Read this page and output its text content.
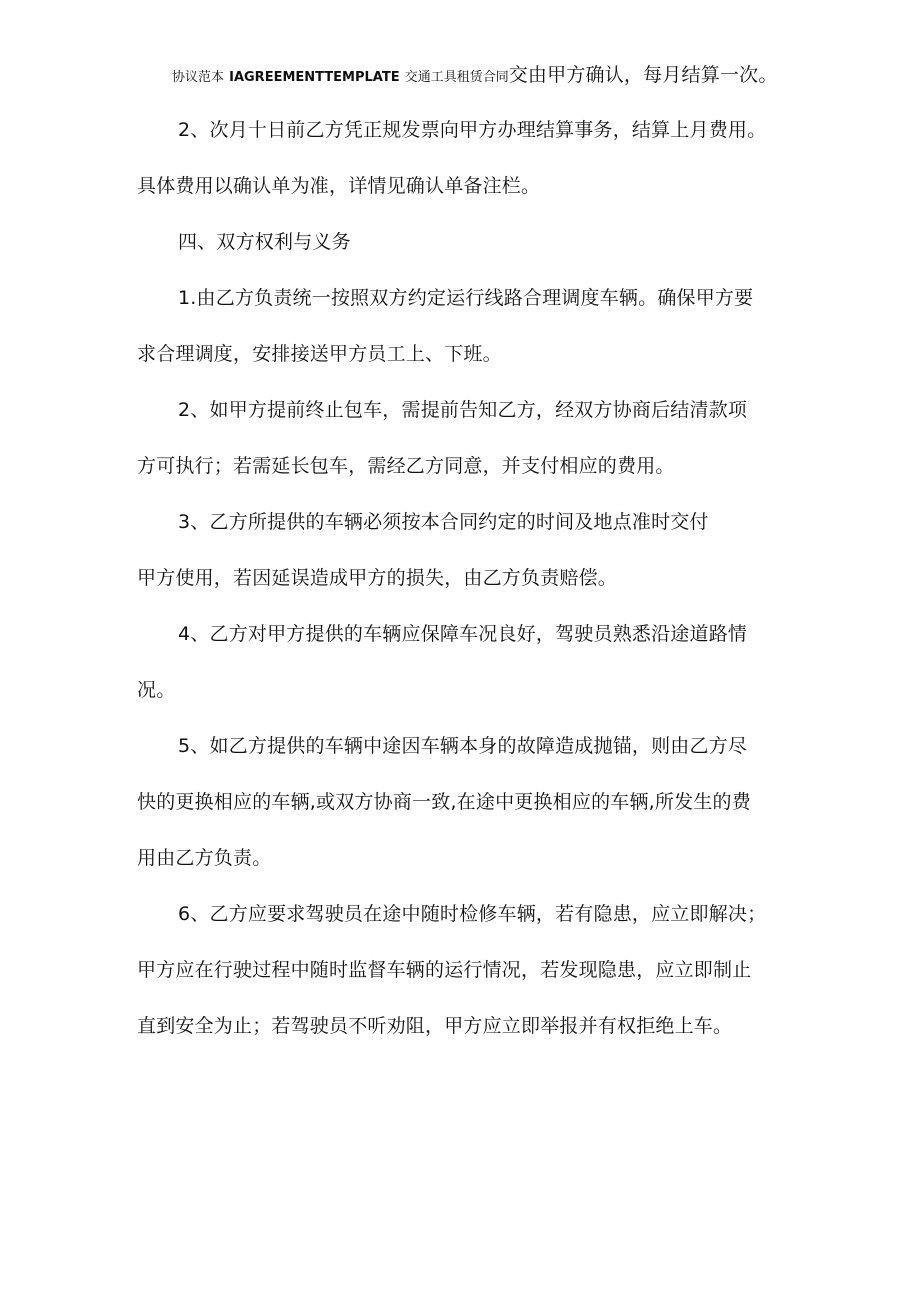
协议范本 IAGREEMENTTEMPLATE 交通工具租赁合同交由甲方确认，每月结算一次。
2、次月十日前乙方凭正规发票向甲方办理结算事务，结算上月费用。
具体费用以确认单为准，详情见确认单备注栏。
四、双方权利与义务
1.由乙方负责统一按照双方约定运行线路合理调度车辆。确保甲方要
求合理调度，安排接送甲方员工上、下班。
2、如甲方提前终止包车，需提前告知乙方，经双方协商后结清款项
方可执行；若需延长包车，需经乙方同意，并支付相应的费用。
3、乙方所提供的车辆必须按本合同约定的时间及地点准时交付
甲方使用，若因延误造成甲方的损失，由乙方负责赔偿。
4、乙方对甲方提供的车辆应保障车况良好，驾驶员熟悉沿途道路情
况。
5、如乙方提供的车辆中途因车辆本身的故障造成抛锚，则由乙方尽
快的更换相应的车辆,或双方协商一致,在途中更换相应的车辆,所发生的费
用由乙方负责。
6、乙方应要求驾驶员在途中随时检修车辆，若有隐患，应立即解决；
甲方应在行驶过程中随时监督车辆的运行情况，若发现隐患，应立即制止
直到安全为止；若驾驶员不听劝阻，甲方应立即举报并有权拒绝上车。
